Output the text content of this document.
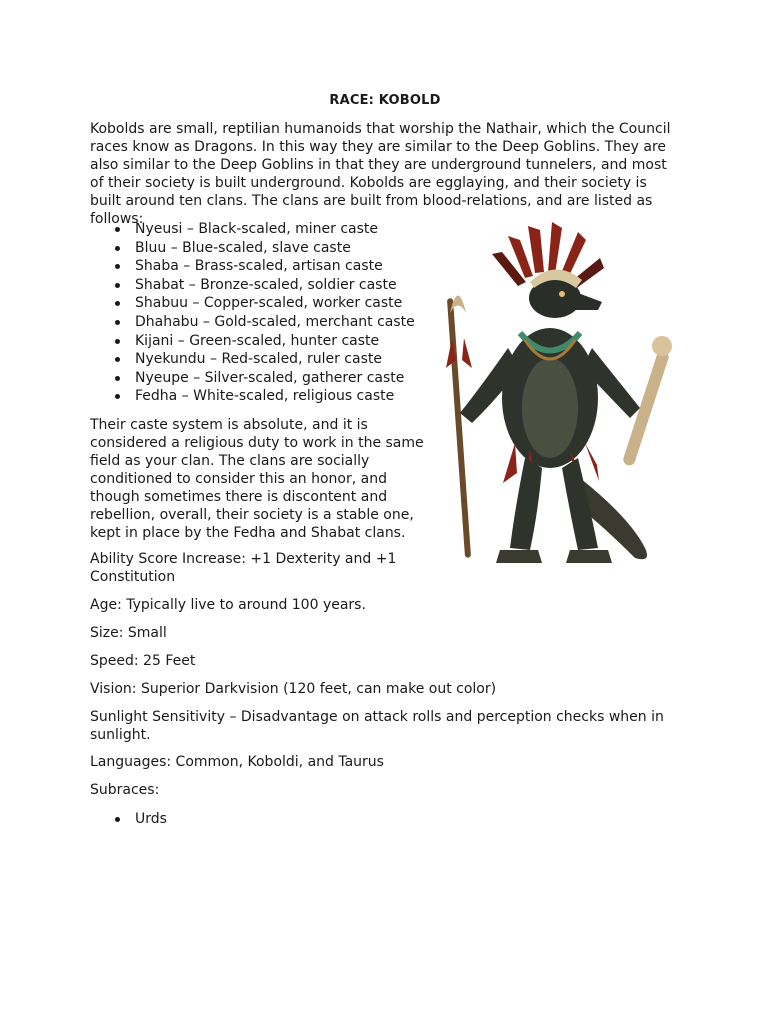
RACE: KOBOLD

Kobolds are small, reptilian humanoids that worship the Nathair, which the Council races know as Dragons. In this way they are similar to the Deep Goblins. They are also similar to the Deep Goblins in that they are underground tunnelers, and most of their society is built underground. Kobolds are egglaying, and their society is built around ten clans. The clans are built from blood-relations, and are listed as follows:

Nyeusi – Black-scaled, miner caste
Bluu – Blue-scaled, slave caste
Shaba – Brass-scaled, artisan caste
Shabat – Bronze-scaled, soldier caste
Shabuu – Copper-scaled, worker caste
Dhahabu – Gold-scaled, merchant caste
Kijani – Green-scaled, hunter caste
Nyekundu – Red-scaled, ruler caste
Nyeupe – Silver-scaled, gatherer caste
Fedha – White-scaled, religious caste

Their caste system is absolute, and it is considered a religious duty to work in the same field as your clan. The clans are socially conditioned to consider this an honor, and though sometimes there is discontent and rebellion, overall, their society is a stable one, kept in place by the Fedha and Shabat clans.

Ability Score Increase: +1 Dexterity and +1 Constitution

Age: Typically live to around 100 years.

Size: Small

Speed: 25 Feet

Vision: Superior Darkvision (120 feet, can make out color)

Sunlight Sensitivity – Disadvantage on attack rolls and perception checks when in sunlight.

Languages: Common, Koboldi, and Taurus

Subraces:

Urds
